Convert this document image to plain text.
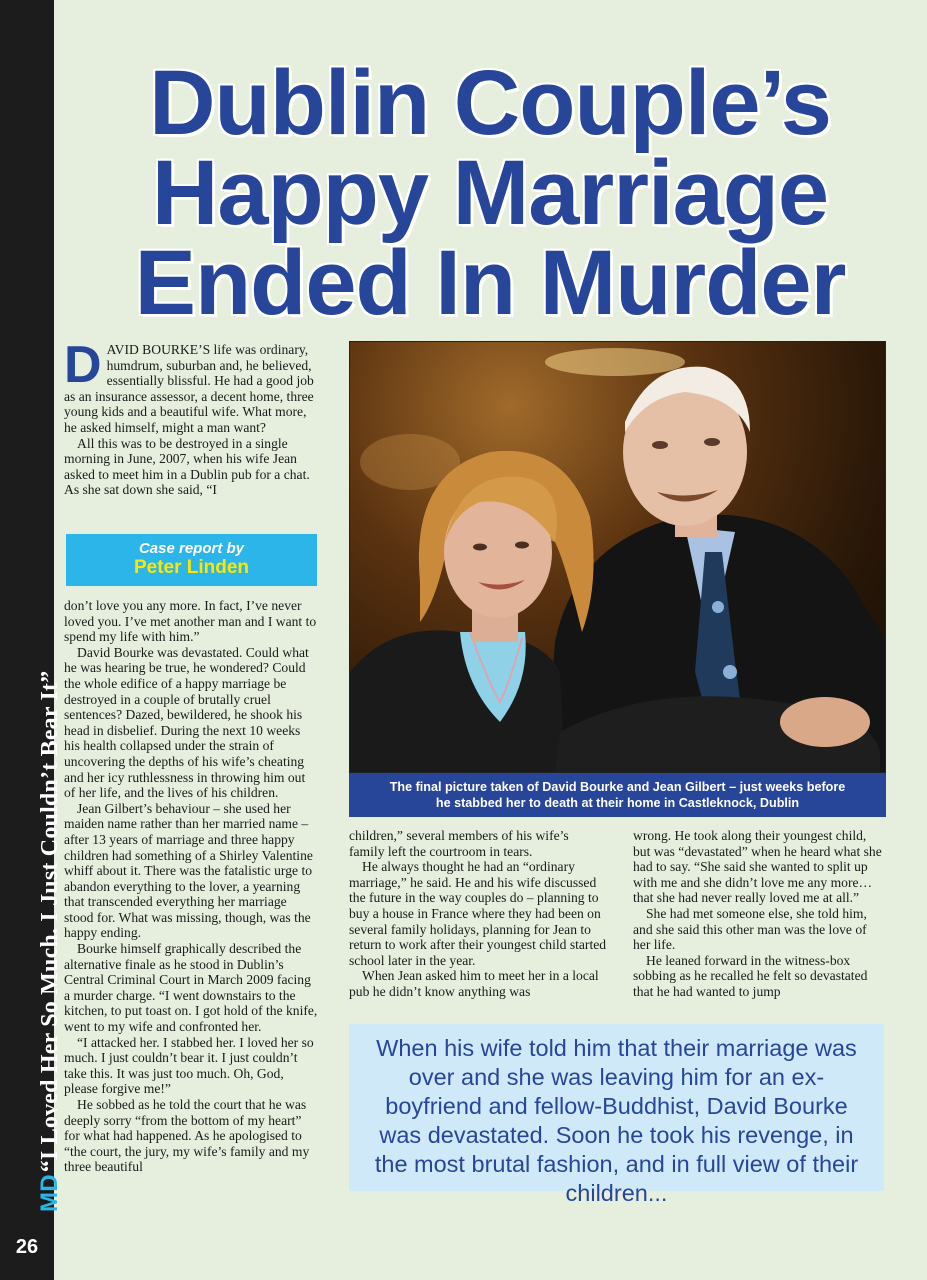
MD“I Loved Her So Much. I Just Couldn’t Bear It”
26
Dublin Couple’s
Happy Marriage
Ended In Murder

DAVID BOURKE’S life was ordinary, humdrum, suburban and, he believed, essentially blissful. He had a good job as an insurance assessor, a decent home, three young kids and a beautiful wife. What more, he asked himself, might a man want?

All this was to be destroyed in a single morning in June, 2007, when his wife Jean asked to meet him in a Dublin pub for a chat. As she sat down she said, “I

Case report by
Peter Linden

don’t love you any more. In fact, I’ve never loved you. I’ve met another man and I want to spend my life with him.”

David Bourke was devastated. Could what he was hearing be true, he wondered? Could the whole edifice of a happy marriage be destroyed in a couple of brutally cruel sentences? Dazed, bewildered, he shook his head in disbelief. During the next 10 weeks his health collapsed under the strain of uncovering the depths of his wife’s cheating and her icy ruthlessness in throwing him out of her life, and the lives of his children.

Jean Gilbert’s behaviour – she used her maiden name rather than her married name – after 13 years of marriage and three happy children had something of a Shirley Valentine whiff about it. There was the fatalistic urge to abandon everything to the lover, a yearning that transcended everything her marriage stood for. What was missing, though, was the happy ending.

Bourke himself graphically described the alternative finale as he stood in Dublin’s Central Criminal Court in March 2009 facing a murder charge. “I went downstairs to the kitchen, to put toast on. I got hold of the knife, went to my wife and confronted her.

“I attacked her. I stabbed her. I loved her so much. I just couldn’t bear it. I just couldn’t take this. It was just too much. Oh, God, please forgive me!”

He sobbed as he told the court that he was deeply sorry “from the bottom of my heart” for what had happened. As he apologised to “the court, the jury, my wife’s family and my three beautiful

The final picture taken of David Bourke and Jean Gilbert – just weeks before
he stabbed her to death at their home in Castleknock, Dublin

children,” several members of his wife’s family left the courtroom in tears.

He always thought he had an “ordinary marriage,” he said. He and his wife discussed the future in the way couples do – planning to buy a house in France where they had been on several family holidays, planning for Jean to return to work after their youngest child started school later in the year.

When Jean asked him to meet her in a local pub he didn’t know anything was

wrong. He took along their youngest child, but was “devastated” when he heard what she had to say. “She said she wanted to split up with me and she didn’t love me any more…that she had never really loved me at all.”

She had met someone else, she told him, and she said this other man was the love of her life.

He leaned forward in the witness-box sobbing as he recalled he felt so devastated that he had wanted to jump

When his wife told him that their marriage was over and she was leaving him for an ex-boyfriend and fellow-Buddhist, David Bourke was devastated. Soon he took his revenge, in the most brutal fashion, and in full view of their children...
